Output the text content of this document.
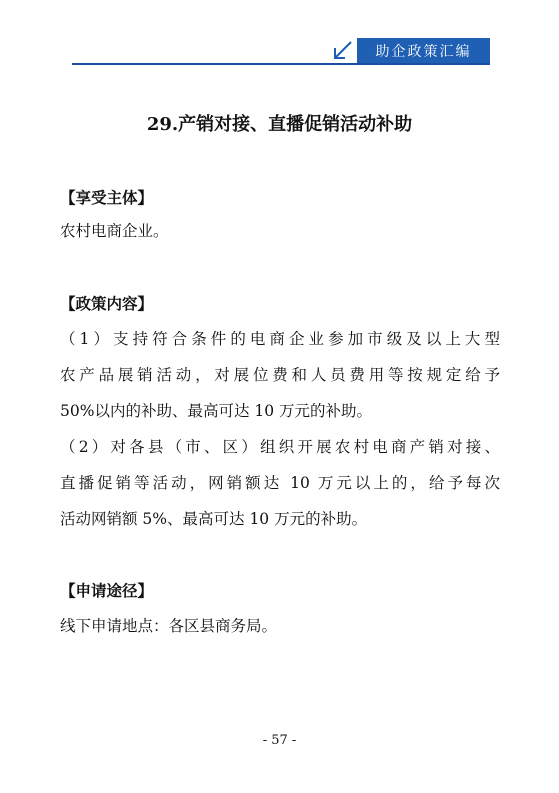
助企政策汇编
29.产销对接、直播促销活动补助
【享受主体】
农村电商企业。
【政策内容】
（1）支持符合条件的电商企业参加市级及以上大型
农产品展销活动，对展位费和人员费用等按规定给予
50%以内的补助、最高可达 10 万元的补助。
（2）对各县（市、区）组织开展农村电商产销对接、
直播促销等活动，网销额达 10 万元以上的，给予每次
活动网销额 5%、最高可达 10 万元的补助。
【申请途径】
线下申请地点：各区县商务局。
- 57 -
